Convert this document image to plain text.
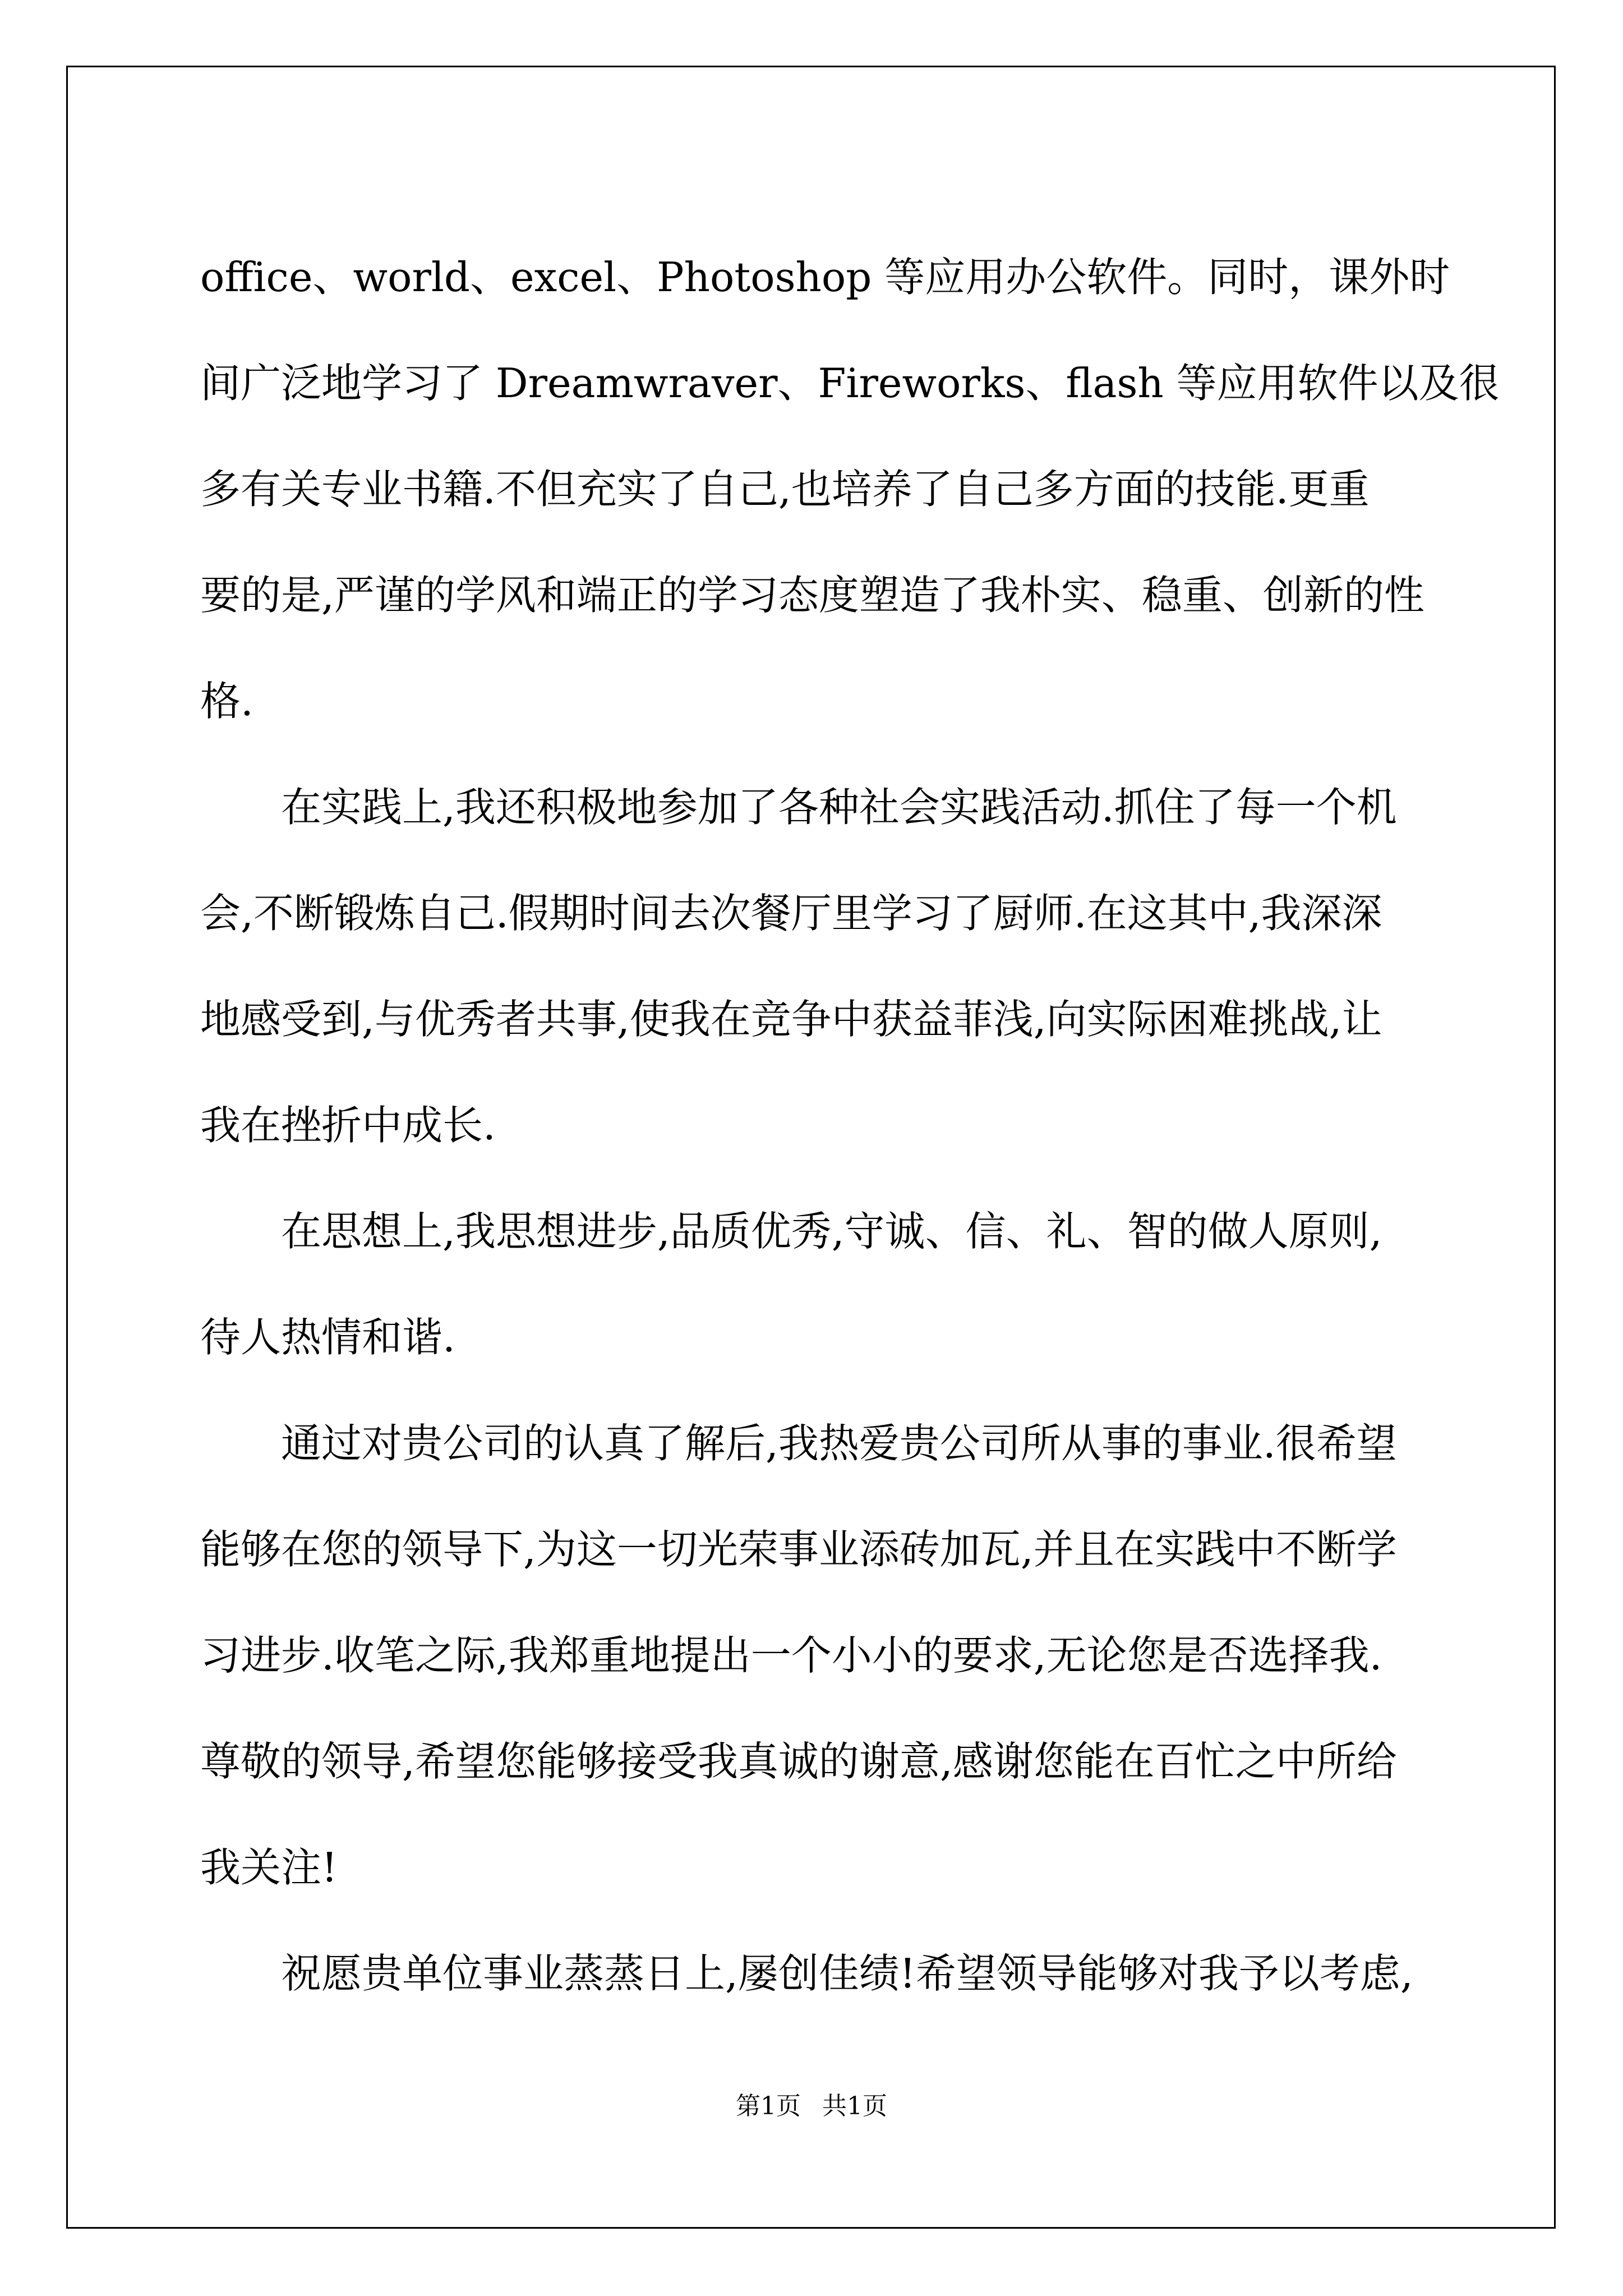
office、world、excel、Photoshop 等应用办公软件。同时，课外时
间广泛地学习了 Dreamwraver、Fireworks、flash 等应用软件以及很
多有关专业书籍.不但充实了自己,也培养了自己多方面的技能.更重
要的是,严谨的学风和端正的学习态度塑造了我朴实、稳重、创新的性
格.
　　在实践上,我还积极地参加了各种社会实践活动.抓住了每一个机
会,不断锻炼自己.假期时间去次餐厅里学习了厨师.在这其中,我深深
地感受到,与优秀者共事,使我在竞争中获益菲浅,向实际困难挑战,让
我在挫折中成长.
　　在思想上,我思想进步,品质优秀,守诚、信、礼、智的做人原则,
待人热情和谐.
　　通过对贵公司的认真了解后,我热爱贵公司所从事的事业.很希望
能够在您的领导下,为这一切光荣事业添砖加瓦,并且在实践中不断学
习进步.收笔之际,我郑重地提出一个小小的要求,无论您是否选择我.
尊敬的领导,希望您能够接受我真诚的谢意,感谢您能在百忙之中所给
我关注!
　　祝愿贵单位事业蒸蒸日上,屡创佳绩!希望领导能够对我予以考虑,
第1页 共1页
